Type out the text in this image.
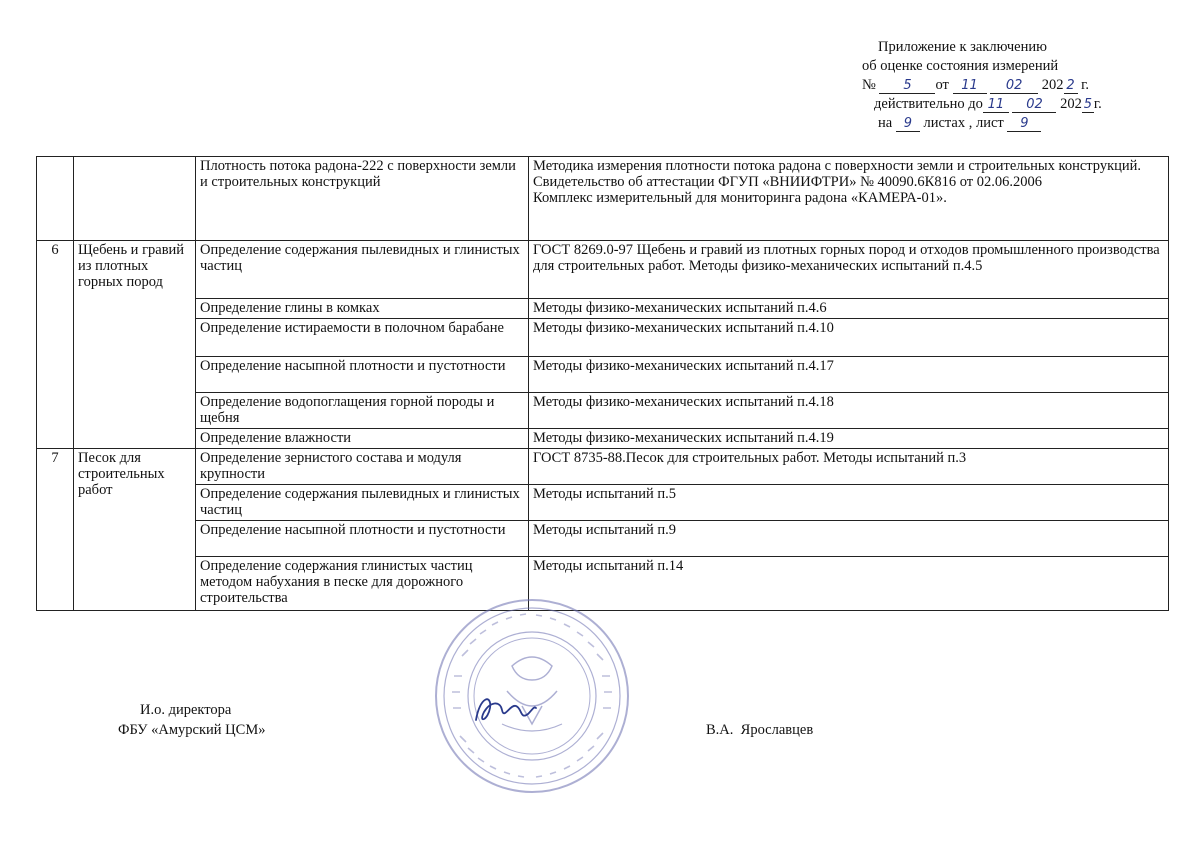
Приложение к заключению
об оценке состояния измерений
№ 5 от 11 02 202 2 г.
действительно до 11 02 202 5 г.
на 9 листах , лист 9
		Плотность потока радона-222 с поверхности земли и строительных конструкций	Методика измерения плотности потока радона с поверхности земли и строительных конструкций.
Свидетельство об аттестации ФГУП «ВНИИФТРИ» № 40090.6К816 от 02.06.2006
Комплекс измерительный для мониторинга радона «КАМЕРА-01».

6	Щебень и гравий из плотных горных пород	Определение содержания пылевидных и глинистых частиц	ГОСТ 8269.0-97 Щебень и гравий из плотных горных пород и отходов промышленного производства для строительных работ. Методы физико-механических испытаний п.4.5
		Определение глины в комках	Методы физико-механических испытаний п.4.6
		Определение истираемости в полочном барабане	Методы физико-механических испытаний п.4.10
		Определение насыпной плотности и пустотности	Методы физико-механических испытаний п.4.17
		Определение водопоглащения горной породы и щебня	Методы физико-механических испытаний п.4.18
		Определение влажности	Методы физико-механических испытаний п.4.19
7	Песок для строительных работ	Определение зернистого состава и модуля крупности	ГОСТ 8735-88.Песок для строительных работ. Методы испытаний п.3
		Определение содержания пылевидных и глинистых частиц	Методы испытаний п.5
		Определение насыпной плотности и пустотности	Методы испытаний п.9
		Определение содержания глинистых частиц методом набухания в песке для дорожного строительства	Методы испытаний п.14
И.о. директора
ФБУ «Амурский ЦСМ»	В.А.  Ярославцев
